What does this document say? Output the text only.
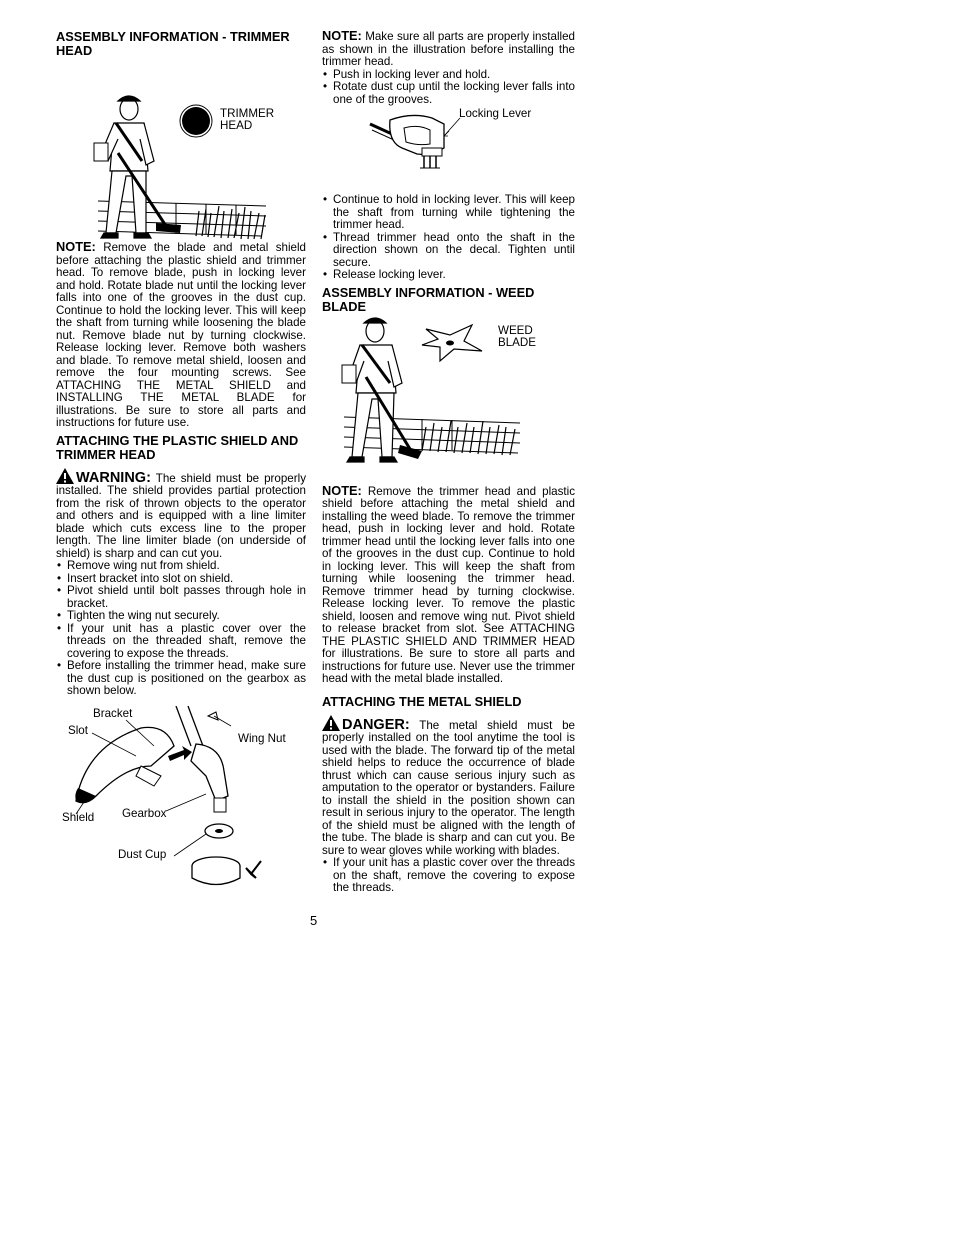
ASSEMBLY INFORMATION - TRIMMER HEAD
TRIMMER HEAD

NOTE: Remove the blade and metal shield before attaching the plastic shield and trimmer head. To remove blade, push in locking lever and hold. Rotate blade nut until the locking lever falls into one of the grooves in the dust cup. Continue to hold the locking lever. This will keep the shaft from turning while loosening the blade nut. Remove blade nut by turning clockwise. Release locking lever. Remove both washers and blade. To remove metal shield, loosen and remove the four mounting screws. See ATTACHING THE METAL SHIELD and INSTALLING THE METAL BLADE for illustrations. Be sure to store all parts and instructions for future use.

ATTACHING THE PLASTIC SHIELD AND TRIMMER HEAD

WARNING: The shield must be properly installed. The shield provides partial protection from the risk of thrown objects to the operator and others and is equipped with a line limiter blade which cuts excess line to the proper length. The line limiter blade (on underside of shield) is sharp and can cut you.

• Remove wing nut from shield.
• Insert bracket into slot on shield.
• Pivot shield until bolt passes through hole in bracket.
• Tighten the wing nut securely.
• If your unit has a plastic cover over the threads on the threaded shaft, remove the covering to expose the threads.
• Before installing the trimmer head, make sure the dust cup is positioned on the gearbox as shown below.
Bracket
Slot
Wing Nut
Shield Gearbox
Dust Cup

NOTE: Make sure all parts are properly installed as shown in the illustration before installing the trimmer head.

• Push in locking lever and hold.
• Rotate dust cup until the locking lever falls into one of the grooves.
Locking Lever
• Continue to hold in locking lever. This will keep the shaft from turning while tightening the trimmer head.
• Thread trimmer head onto the shaft in the direction shown on the decal. Tighten until secure.
• Release locking lever.
ASSEMBLY INFORMATION - WEED BLADE
WEED BLADE

NOTE: Remove the trimmer head and plastic shield before attaching the metal shield and installing the weed blade. To remove the trimmer head, push in locking lever and hold. Rotate trimmer head until the locking lever falls into one of the grooves in the dust cup. Continue to hold in locking lever. This will keep the shaft from turning while loosening the trimmer head. Remove trimmer head by turning clockwise. Release locking lever. To remove the plastic shield, loosen and remove wing nut. Pivot shield to release bracket from slot. See ATTACHING THE PLASTIC SHIELD AND TRIMMER HEAD for illustrations. Be sure to store all parts and instructions for future use. Never use the trimmer head with the metal blade installed.

ATTACHING THE METAL SHIELD

DANGER: The metal shield must be properly installed on the tool anytime the tool is used with the blade. The forward tip of the metal shield helps to reduce the occurrence of blade thrust which can cause serious injury such as amputation to the operator or bystanders. Failure to install the shield in the position shown can result in serious injury to the operator. The length of the shield must be aligned with the length of the tube. The blade is sharp and can cut you. Be sure to wear gloves while working with blades.

• If your unit has a plastic cover over the threads on the shaft, remove the covering to expose the threads.
5
